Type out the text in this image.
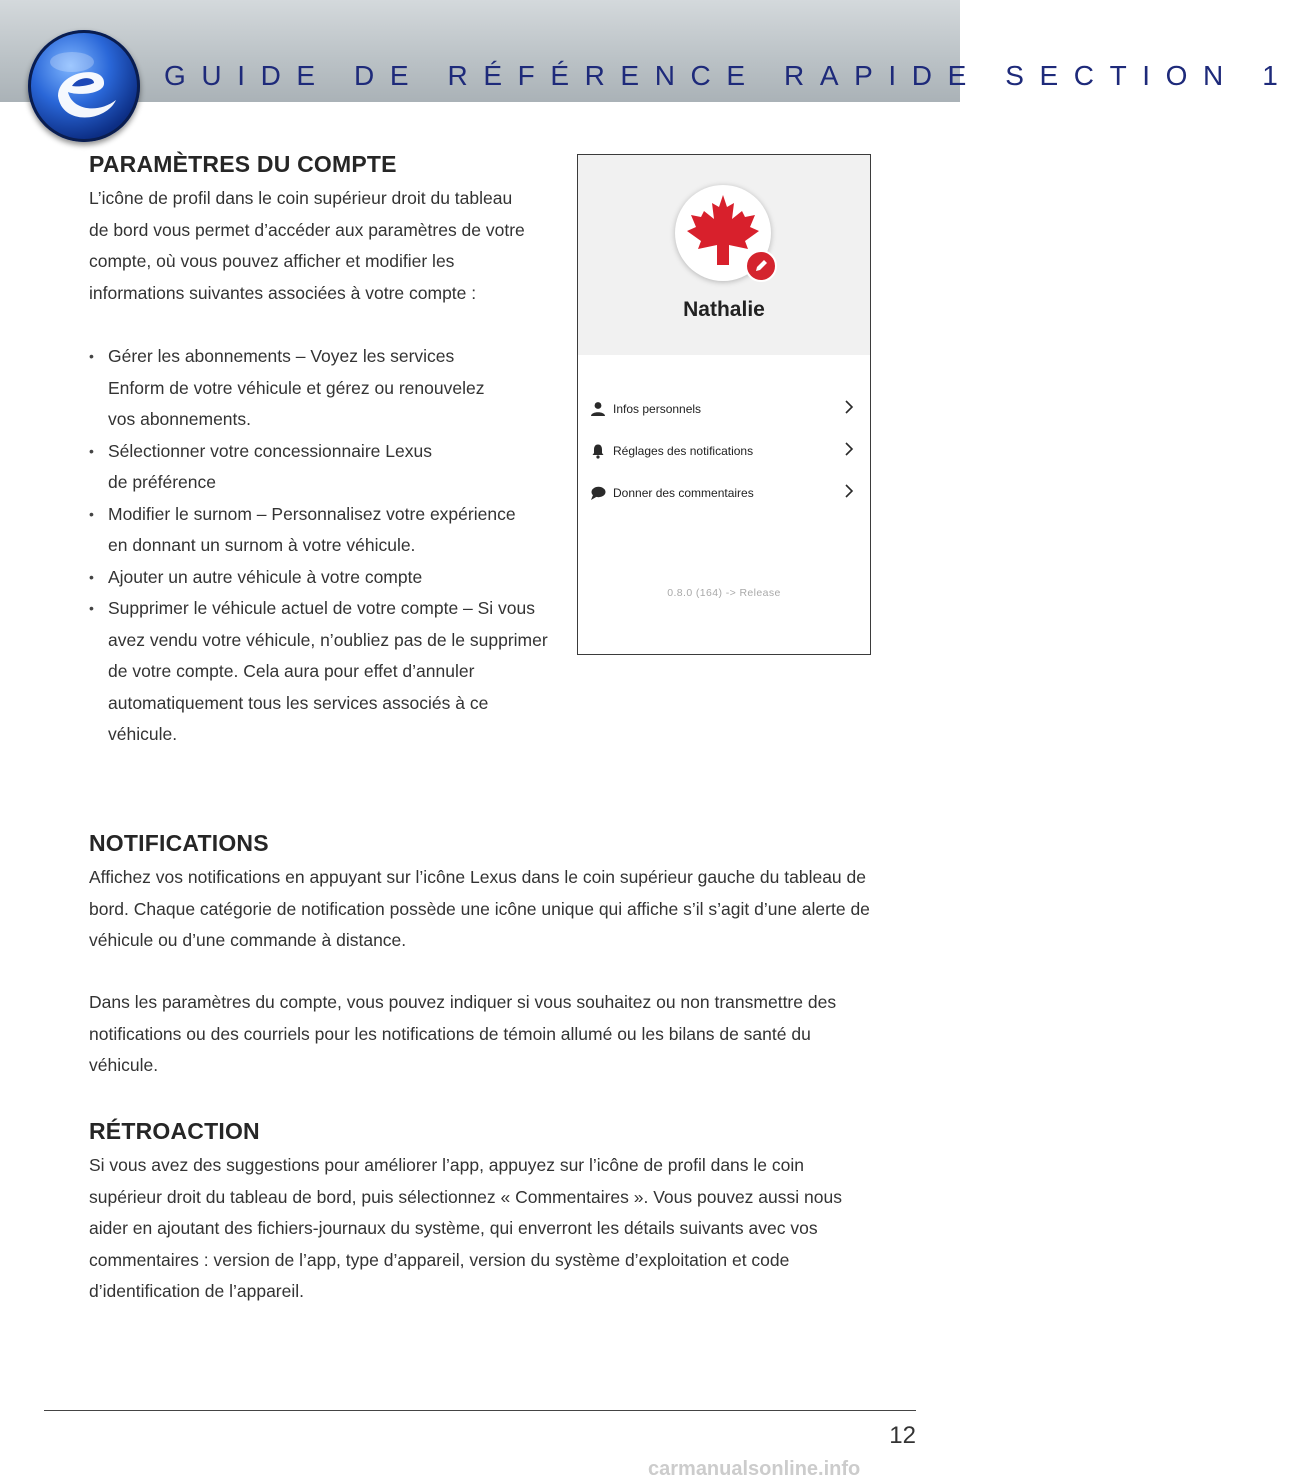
GUIDE DE RÉFÉRENCE RAPIDE SECTION 1
PARAMÈTRES DU COMPTE
L’icône de profil dans le coin supérieur droit du tableau de bord vous permet d’accéder aux paramètres de votre compte, où vous pouvez afficher et modifier les informations suivantes associées à votre compte :
• Gérer les abonnements – Voyez les services Enform de votre véhicule et gérez ou renouvelez vos abonnements.
• Sélectionner votre concessionnaire Lexus de préférence
• Modifier le surnom – Personnalisez votre expérience en donnant un surnom à votre véhicule.
• Ajouter un autre véhicule à votre compte
• Supprimer le véhicule actuel de votre compte – Si vous avez vendu votre véhicule, n’oubliez pas de le supprimer de votre compte. Cela aura pour effet d’annuler automatiquement tous les services associés à ce véhicule.
Nathalie
Infos personnels
Réglages des notifications
Donner des commentaires
0.8.0 (164) -> Release
NOTIFICATIONS
Affichez vos notifications en appuyant sur l’icône Lexus dans le coin supérieur gauche du tableau de bord. Chaque catégorie de notification possède une icône unique qui affiche s’il s’agit d’une alerte de véhicule ou d’une commande à distance.
Dans les paramètres du compte, vous pouvez indiquer si vous souhaitez ou non transmettre des notifications ou des courriels pour les notifications de témoin allumé ou les bilans de santé du véhicule.
RÉTROACTION
Si vous avez des suggestions pour améliorer l’app, appuyez sur l’icône de profil dans le coin supérieur droit du tableau de bord, puis sélectionnez « Commentaires ». Vous pouvez aussi nous aider en ajoutant des fichiers-journaux du système, qui enverront les détails suivants avec vos commentaires : version de l’app, type d’appareil, version du système d’exploitation et code d’identification de l’appareil.
12
carmanualsonline.info
